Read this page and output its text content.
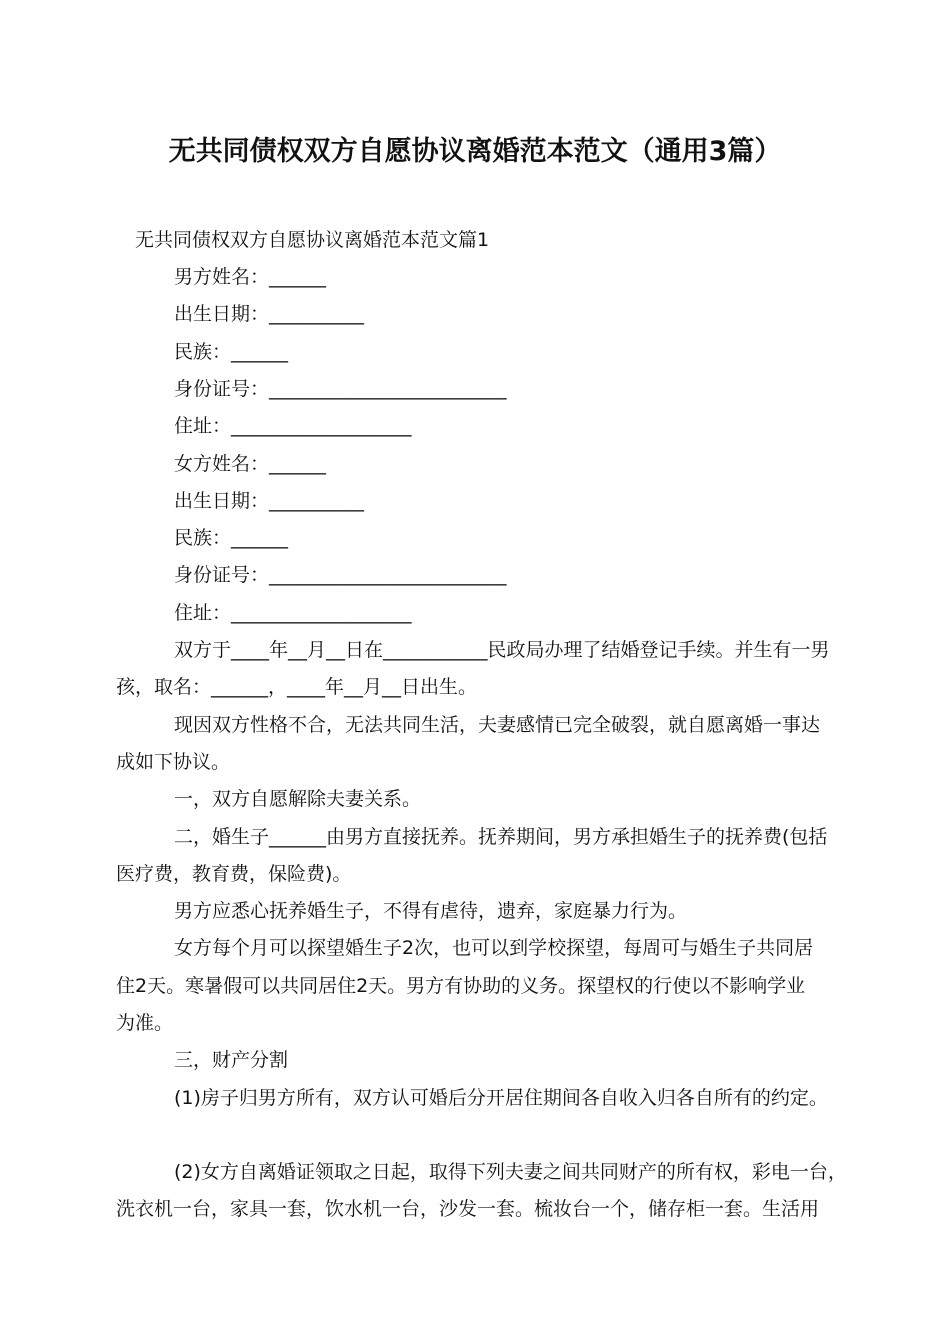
无共同债权双方自愿协议离婚范本范文（通用3篇）
无共同债权双方自愿协议离婚范本范文篇1
男方姓名：______
出生日期：__________
民族：______
身份证号：_________________________
住址：___________________
女方姓名：______
出生日期：__________
民族：______
身份证号：_________________________
住址：___________________
双方于____年__月__日在___________民政局办理了结婚登记手续。并生有一男
孩，取名：______，____年__月__日出生。
现因双方性格不合，无法共同生活，夫妻感情已完全破裂，就自愿离婚一事达
成如下协议。
一，双方自愿解除夫妻关系。
二，婚生子______由男方直接抚养。抚养期间，男方承担婚生子的抚养费(包括
医疗费，教育费，保险费)。
男方应悉心抚养婚生子，不得有虐待，遗弃，家庭暴力行为。
女方每个月可以探望婚生子2次，也可以到学校探望，每周可与婚生子共同居
住2天。寒暑假可以共同居住2天。男方有协助的义务。探望权的行使以不影响学业
为准。
三，财产分割
(1)房子归男方所有，双方认可婚后分开居住期间各自收入归各自所有的约定。
(2)女方自离婚证领取之日起，取得下列夫妻之间共同财产的所有权，彩电一台，
洗衣机一台，家具一套，饮水机一台，沙发一套。梳妆台一个，储存柜一套。生活用
